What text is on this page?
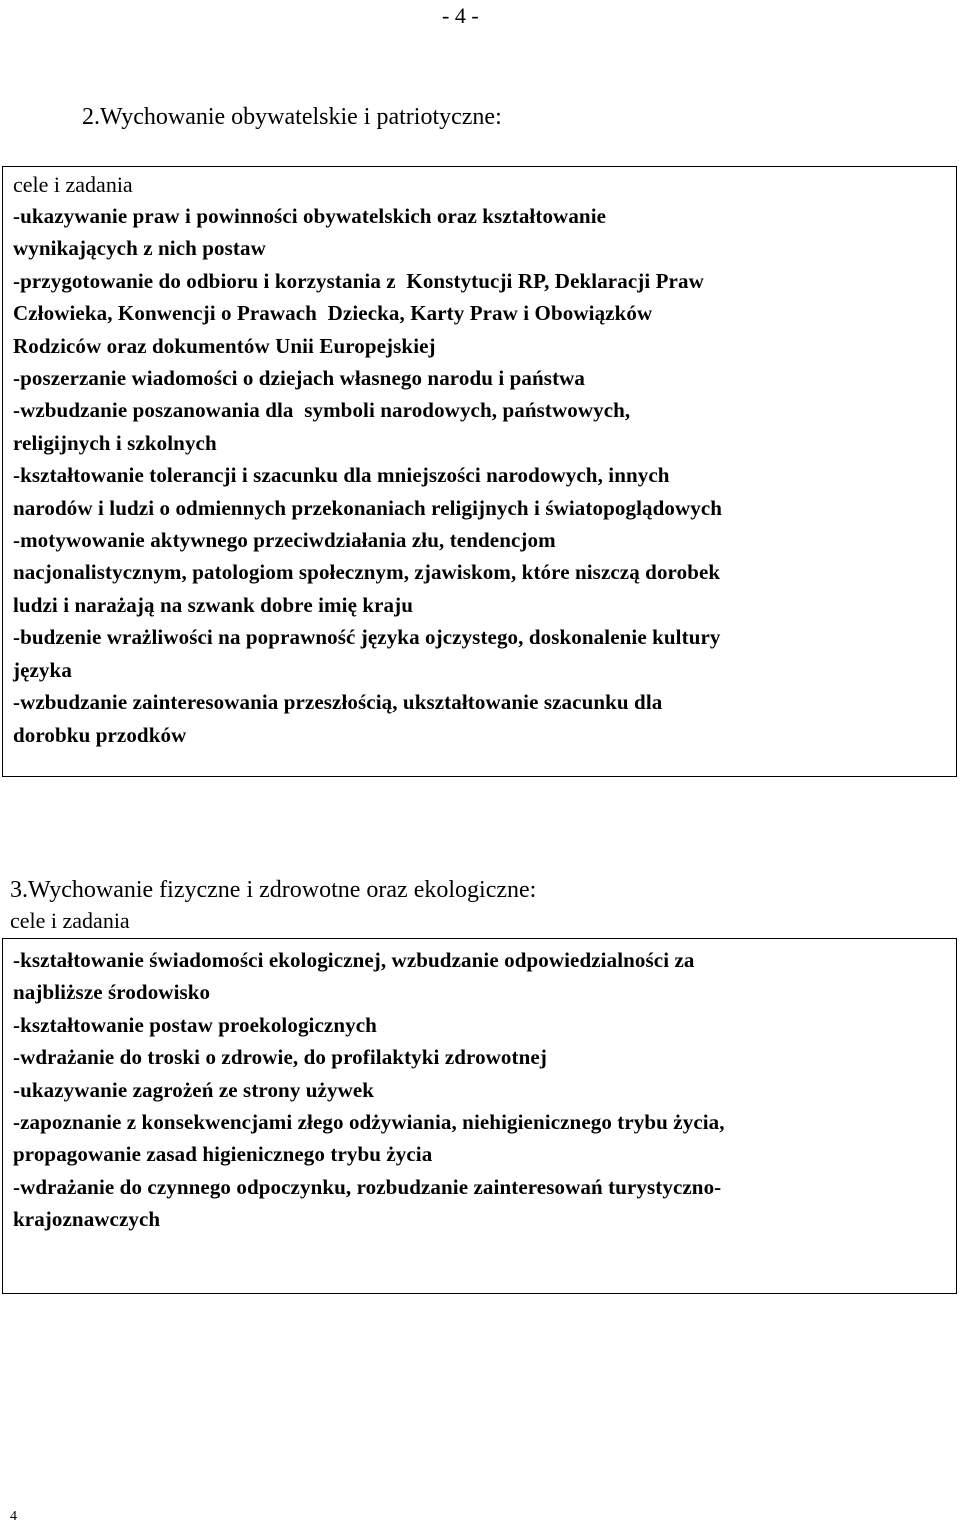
- 4 -
2.Wychowanie obywatelskie i patriotyczne:
cele i zadania
-ukazywanie praw i powinności obywatelskich oraz kształtowanie
wynikających z nich postaw
-przygotowanie do odbioru i korzystania z  Konstytucji RP, Deklaracji Praw
Człowieka, Konwencji o Prawach  Dziecka, Karty Praw i Obowiązków
Rodziców oraz dokumentów Unii Europejskiej
-poszerzanie wiadomości o dziejach własnego narodu i państwa
-wzbudzanie poszanowania dla  symboli narodowych, państwowych,
religijnych i szkolnych
-kształtowanie tolerancji i szacunku dla mniejszości narodowych, innych
narodów i ludzi o odmiennych przekonaniach religijnych i światopoglądowych
-motywowanie aktywnego przeciwdziałania złu, tendencjom
nacjonalistycznym, patologiom społecznym, zjawiskom, które niszczą dorobek
ludzi i narażają na szwank dobre imię kraju
-budzenie wrażliwości na poprawność języka ojczystego, doskonalenie kultury
języka
-wzbudzanie zainteresowania przeszłością, ukształtowanie szacunku dla
dorobku przodków
3.Wychowanie fizyczne i zdrowotne oraz ekologiczne:
cele i zadania
-kształtowanie świadomości ekologicznej, wzbudzanie odpowiedzialności za
najbliższe środowisko
-kształtowanie postaw proekologicznych
-wdrażanie do troski o zdrowie, do profilaktyki zdrowotnej
-ukazywanie zagrożeń ze strony używek
-zapoznanie z konsekwencjami złego odżywiania, niehigienicznego trybu życia,
propagowanie zasad higienicznego trybu życia
-wdrażanie do czynnego odpoczynku, rozbudzanie zainteresowań turystyczno-
krajoznawczych
4
